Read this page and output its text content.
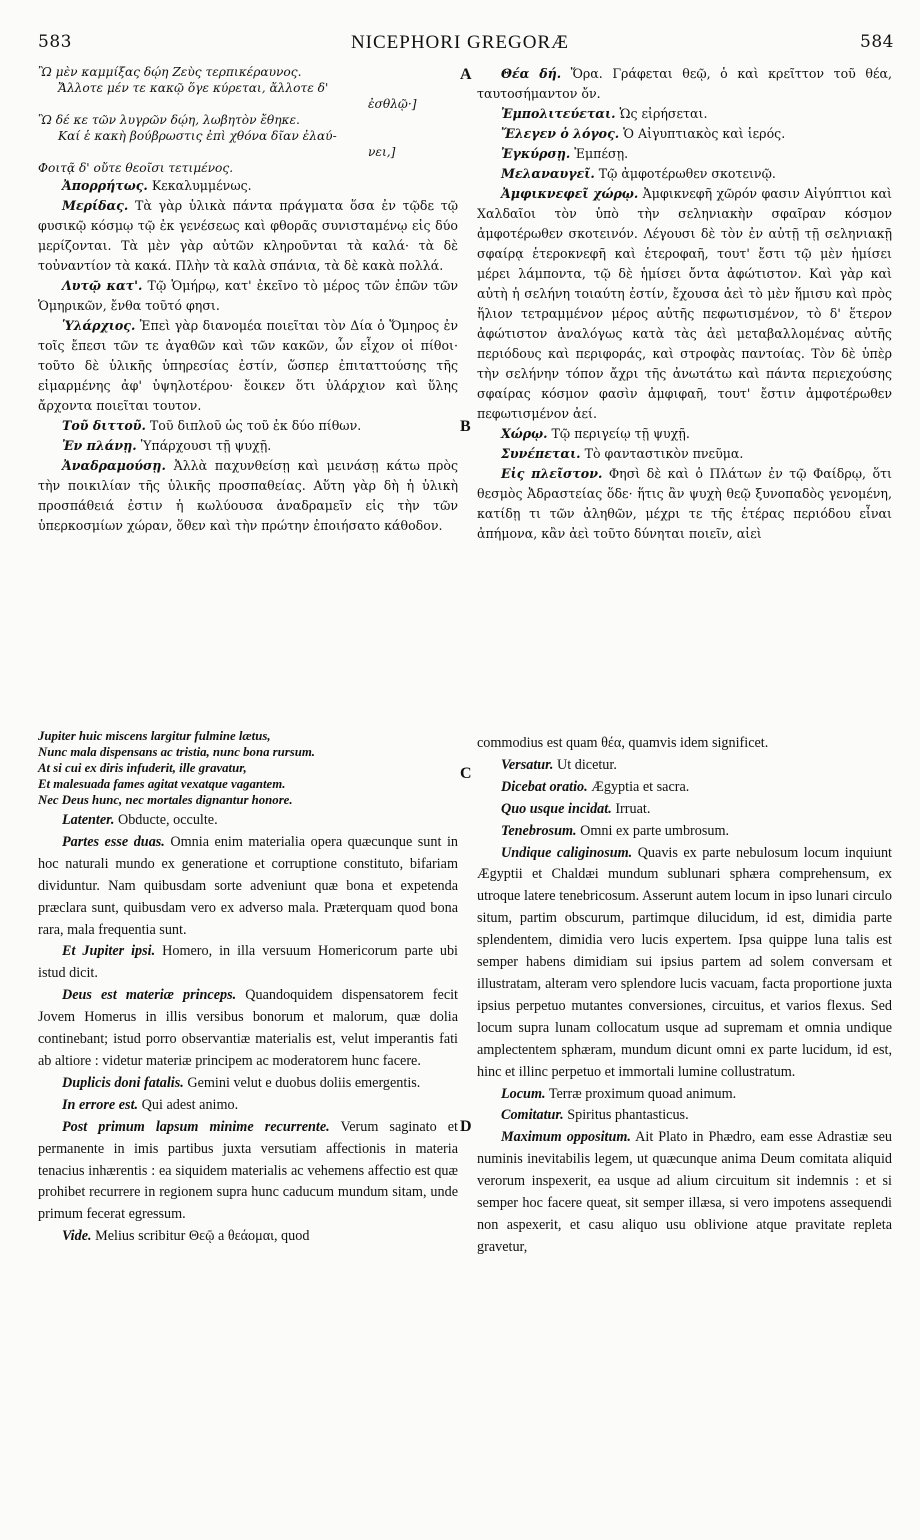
583	NICEPHORI GREGORÆ	584
A
B
C
D
Ὢ μὲν καμμίξας δῴη Ζεὺς τερπικέραυνος.
Ἄλλοτε μέν τε κακῷ ὅγε κύρεται, ἄλλοτε δ'
ἐσθλῷ·]
Ὣ δέ κε τῶν λυγρῶν δῴη, λωβητὸν ἔθηκε.
Καί ἑ κακὴ βούβρωστις ἐπὶ χθόνα δῖαν ἐλαύ-
νει,]
Φοιτᾷ δ' οὔτε θεοῖσι τετιμένος.

Ἀπορρήτως. Κεκαλυμμένως.

Μερίδας. Τὰ γὰρ ὑλικὰ πάντα πράγματα ὅσα ἐν τῷδε τῷ φυσικῷ κόσμῳ τῷ ἐκ γενέσεως καὶ φθορᾶς συνισταμένῳ εἰς δύο μερίζονται. Τὰ μὲν γὰρ αὐτῶν κληροῦνται τὰ καλά· τὰ δὲ τοὐναντίον τὰ κακά. Πλὴν τὰ καλὰ σπάνια, τὰ δὲ κακὰ πολλά.

Λυτῷ κατ'. Τῷ Ὁμήρῳ, κατ' ἐκεῖνο τὸ μέρος τῶν ἐπῶν τῶν Ὁμηρικῶν, ἔνθα τοῦτό φησι.

Ὑλάρχιος. Ἐπεὶ γὰρ διανομέα ποιεῖται τὸν Δία ὁ Ὅμηρος ἐν τοῖς ἔπεσι τῶν τε ἀγαθῶν καὶ τῶν κακῶν, ὧν εἶχον οἱ πίθοι· τοῦτο δὲ ὑλικῆς ὑπηρεσίας ἐστίν, ὥσπερ ἐπιταττούσης τῆς εἱμαρμένης ἀφ' ὑψηλοτέρου· ἔοικεν ὅτι ὑλάρχιον καὶ ὕλης ἄρχοντα ποιεῖται τουτον.

Τοῦ διττοῦ. Τοῦ διπλοῦ ὡς τοῦ ἐκ δύο πίθων.

Ἐν πλάνῃ. Ὑπάρχουσι τῇ ψυχῇ.

Ἀναδραμούσῃ. Ἀλλὰ παχυνθείσῃ καὶ μεινάσῃ κάτω πρὸς τὴν ποικιλίαν τῆς ὑλικῆς προσπαθείας. Αὕτη γὰρ δὴ ἡ ὑλικὴ προσπάθειά ἐστιν ἡ κωλύουσα ἀναδραμεῖν εἰς τὴν τῶν ὑπερκοσμίων χώραν, ὅθεν καὶ τὴν πρώτην ἐποιήσατο κάθοδον.

Θέα δή. Ὅρα. Γράφεται θεῷ, ὁ καὶ κρεῖττον τοῦ θέα, ταυτοσήμαντον ὄν.

Ἐμπολιτεύεται. Ὡς εἰρήσεται.

Ἔλεγεν ὁ λόγος. Ὁ Αἰγυπτιακὸς καὶ ἱερός.

Ἐγκύρσῃ. Ἐμπέσῃ.

Μελαναυγεῖ. Τῷ ἀμφοτέρωθεν σκοτεινῷ.

Ἀμφικνεφεῖ χώρῳ. Ἀμφικνεφῆ χῶρόν φασιν Αἰγύπτιοι καὶ Χαλδαῖοι τὸν ὑπὸ τὴν σεληνιακὴν σφαῖραν κόσμον ἀμφοτέρωθεν σκοτεινόν. Λέγουσι δὲ τὸν ἐν αὐτῇ τῇ σεληνιακῇ σφαίρᾳ ἑτεροκνεφῆ καὶ ἑτεροφαῆ, τουτ' ἔστι τῷ μὲν ἡμίσει μέρει λάμποντα, τῷ δὲ ἡμίσει ὄντα ἀφώτιστον. Καὶ γὰρ καὶ αὐτὴ ἡ σελήνη τοιαύτη ἐστίν, ἔχουσα ἀεὶ τὸ μὲν ἥμισυ καὶ πρὸς ἥλιον τετραμμένον μέρος αὐτῆς πεφωτισμένον, τὸ δ' ἕτερον ἀφώτιστον ἀναλόγως κατὰ τὰς ἀεὶ μεταβαλλομένας αὐτῆς περιόδους καὶ περιφοράς, καὶ στροφὰς παντοίας. Τὸν δὲ ὑπὲρ τὴν σελήνην τόπον ἄχρι τῆς ἀνωτάτω καὶ πάντα περιεχούσης σφαίρας κόσμον φασὶν ἀμφιφαῆ, τουτ' ἔστιν ἀμφοτέρωθεν πεφωτισμένον ἀεί.

Χώρῳ. Τῷ περιγείῳ τῇ ψυχῇ.

Συνέπεται. Τὸ φανταστικὸν πνεῦμα.

Εἰς πλεῖστον. Φησὶ δὲ καὶ ὁ Πλάτων ἐν τῷ Φαίδρῳ, ὅτι θεσμὸς Ἀδραστείας ὅδε· ἥτις ἂν ψυχὴ θεῷ ξυνοπαδὸς γενομένη, κατίδῃ τι τῶν ἀληθῶν, μέχρι τε τῆς ἑτέρας περιόδου εἶναι ἀπήμονα, κἂν ἀεὶ τοῦτο δύνηται ποιεῖν, αἰεὶ

Jupiter huic miscens largitur fulmine lætus,
Nunc mala dispensans ac tristia, nunc bona rursum.
At si cui ex diris infuderit, ille gravatur,
Et malesuada fames agitat vexatque vagantem.
Nec Deus hunc, nec mortales dignantur honore.

Latenter. Obducte, occulte.

Partes esse duas. Omnia enim materialia opera quæcunque sunt in hoc naturali mundo ex generatione et corruptione constituto, bifariam dividuntur. Nam quibusdam sorte adveniunt quæ bona et expetenda præclara sunt, quibusdam vero ex adverso mala. Præterquam quod bona rara, mala frequentia sunt.

Et Jupiter ipsi. Homero, in illa versuum Homericorum parte ubi istud dicit.

Deus est materiæ princeps. Quandoquidem dispensatorem fecit Jovem Homerus in illis versibus bonorum et malorum, quæ dolia continebant; istud porro observantiæ materialis est, velut imperantis fati ab altiore : videtur materiæ principem ac moderatorem hunc facere.

Duplicis doni fatalis. Gemini velut e duobus doliis emergentis.

In errore est. Qui adest animo.

Post primum lapsum minime recurrente. Verum saginato et permanente in imis partibus juxta versutiam affectionis in materia tenacius inhærentis : ea siquidem materialis ac vehemens affectio est quæ prohibet recurrere in regionem supra hunc caducum mundum sitam, unde primum fecerat egressum.

Vide. Melius scribitur Θεῷ a θεάομαι, quod

commodius est quam θέα, quamvis idem significet.

Versatur. Ut dicetur.

Dicebat oratio. Ægyptia et sacra.

Quo usque incidat. Irruat.

Tenebrosum. Omni ex parte umbrosum.

Undique caliginosum. Quavis ex parte nebulosum locum inquiunt Ægyptii et Chaldæi mundum sublunari sphæra comprehensum, ex utroque latere tenebricosum. Asserunt autem locum in ipso lunari circulo situm, partim obscurum, partimque dilucidum, id est, dimidia parte splendentem, dimidia vero lucis expertem. Ipsa quippe luna talis est semper habens dimidiam sui ipsius partem ad solem conversam et illustratam, alteram vero splendore lucis vacuam, facta proportione juxta ipsius perpetuo mutantes conversiones, circuitus, et varios flexus. Sed locum supra lunam collocatum usque ad supremam et omnia undique amplectentem sphæram, mundum dicunt omni ex parte lucidum, id est, hinc et illinc perpetuo et immortali lumine collustratum.

Locum. Terræ proximum quoad animum.

Comitatur. Spiritus phantasticus.

Maximum oppositum. Ait Plato in Phædro, eam esse Adrastiæ seu numinis inevitabilis legem, ut quæcunque anima Deum comitata aliquid verorum inspexerit, ea usque ad alium circuitum sit indemnis : et si semper hoc facere queat, sit semper illæsa, si vero impotens assequendi non aspexerit, et casu aliquo usu oblivione atque pravitate repleta gravetur,
